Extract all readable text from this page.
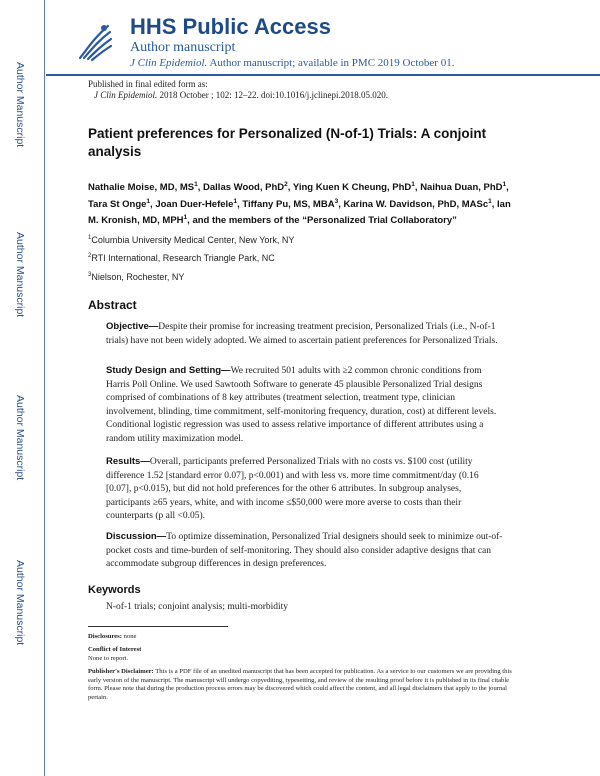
Author Manuscript
Author Manuscript
Author Manuscript
Author Manuscript
HHS Public Access
Author manuscript
J Clin Epidemiol. Author manuscript; available in PMC 2019 October 01.
Published in final edited form as:
J Clin Epidemiol. 2018 October ; 102: 12–22. doi:10.1016/j.jclinepi.2018.05.020.
Patient preferences for Personalized (N-of-1) Trials: A conjoint analysis
Nathalie Moise, MD, $MS^1$, Dallas Wood, PhD$^2$, Ying Kuen K Cheung, PhD$^1$, Naihua Duan, PhD$^1$, Tara St Onge$^1$, Joan Duer-Hefele$^1$, Tiffany Pu, MS, MBA$^3$, Karina W. Davidson, PhD, MASc$^1$, Ian M. Kronish, MD, MPH$^1$, and the members of the “Personalized Trial Collaboratory”
$^1$Columbia University Medical Center, New York, NY
$^2$RTI International, Research Triangle Park, NC
$^3$Nielson, Rochester, NY
Abstract
Objective—Despite their promise for increasing treatment precision, Personalized Trials (i.e., N-of-1 trials) have not been widely adopted. We aimed to ascertain patient preferences for Personalized Trials.
Study Design and Setting—We recruited 501 adults with ≥2 common chronic conditions from Harris Poll Online. We used Sawtooth Software to generate 45 plausible Personalized Trial designs comprised of combinations of 8 key attributes (treatment selection, treatment type, clinician involvement, blinding, time commitment, self-monitoring frequency, duration, cost) at different levels. Conditional logistic regression was used to assess relative importance of different attributes using a random utility maximization model.
Results—Overall, participants preferred Personalized Trials with no costs vs. $100 cost (utility difference 1.52 [standard error 0.07], p<0.001) and with less vs. more time commitment/day (0.16 [0.07], p<0.015), but did not hold preferences for the other 6 attributes. In subgroup analyses, participants ≥65 years, white, and with income ≤$50,000 were more averse to costs than their counterparts (p all <0.05).
Discussion—To optimize dissemination, Personalized Trial designers should seek to minimize out-of-pocket costs and time-burden of self-monitoring. They should also consider adaptive designs that can accommodate subgroup differences in design preferences.
Keywords
N-of-1 trials; conjoint analysis; multi-morbidity
Disclosures: none
Conflict of Interest
None to report.
Publisher's Disclaimer: This is a PDF file of an unedited manuscript that has been accepted for publication. As a service to our customers we are providing this early version of the manuscript. The manuscript will undergo copyediting, typesetting, and review of the resulting proof before it is published in its final citable form. Please note that during the production process errors may be discovered which could affect the content, and all legal disclaimers that apply to the journal pertain.
